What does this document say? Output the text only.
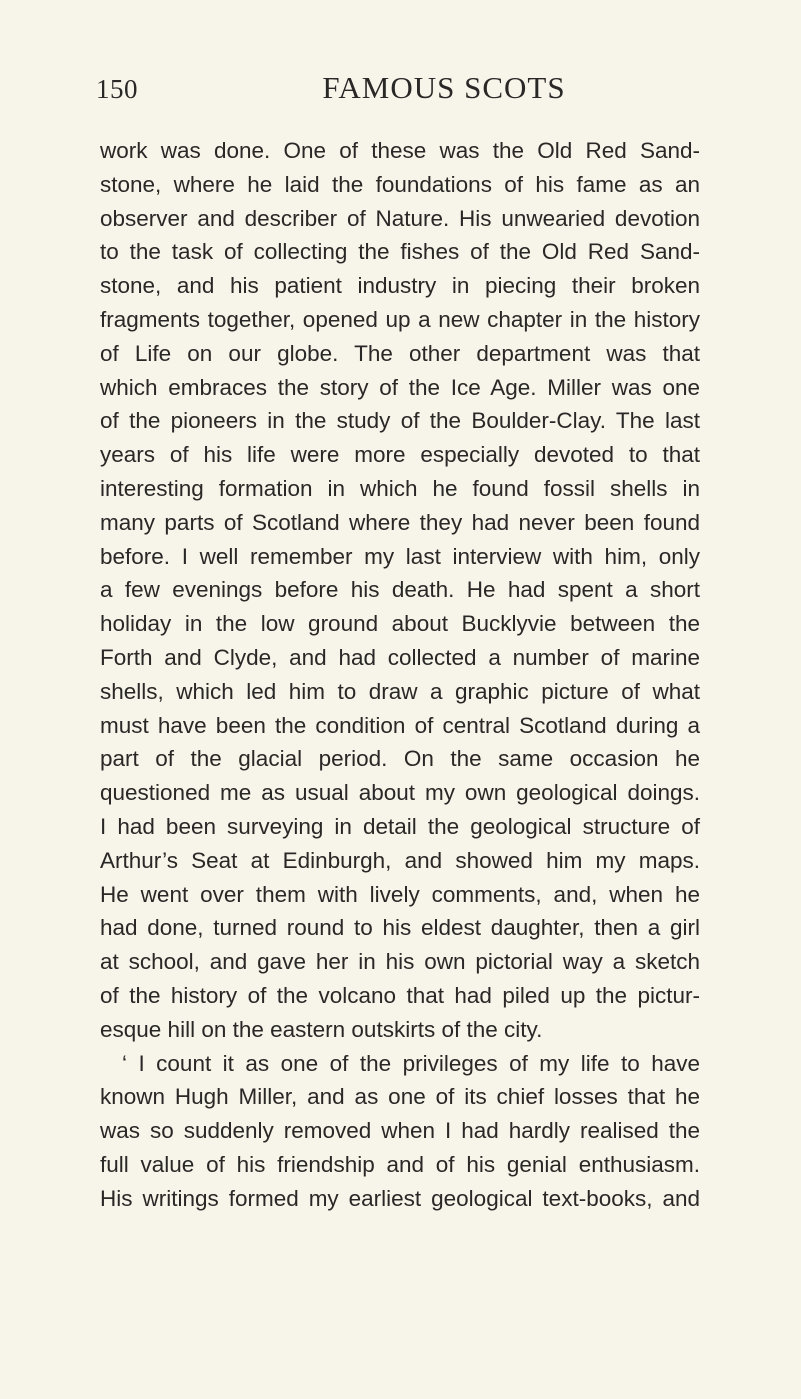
150	FAMOUS SCOTS
work was done. One of these was the Old Red Sand-
stone, where he laid the foundations of his fame as an
observer and describer of Nature. His unwearied devotion
to the task of collecting the fishes of the Old Red Sand-
stone, and his patient industry in piecing their broken
fragments together, opened up a new chapter in the history
of Life on our globe. The other department was that
which embraces the story of the Ice Age. Miller was one
of the pioneers in the study of the Boulder-Clay. The last
years of his life were more especially devoted to that
interesting formation in which he found fossil shells in
many parts of Scotland where they had never been found
before. I well remember my last interview with him, only
a few evenings before his death. He had spent a short
holiday in the low ground about Bucklyvie between the
Forth and Clyde, and had collected a number of marine
shells, which led him to draw a graphic picture of what
must have been the condition of central Scotland during a
part of the glacial period. On the same occasion he
questioned me as usual about my own geological doings.
I had been surveying in detail the geological structure of
Arthur’s Seat at Edinburgh, and showed him my maps.
He went over them with lively comments, and, when he
had done, turned round to his eldest daughter, then a girl
at school, and gave her in his own pictorial way a sketch
of the history of the volcano that had piled up the pictur-
esque hill on the eastern outskirts of the city.
‘ I count it as one of the privileges of my life to have
known Hugh Miller, and as one of its chief losses that he
was so suddenly removed when I had hardly realised the
full value of his friendship and of his genial enthusiasm.
His writings formed my earliest geological text-books, and
